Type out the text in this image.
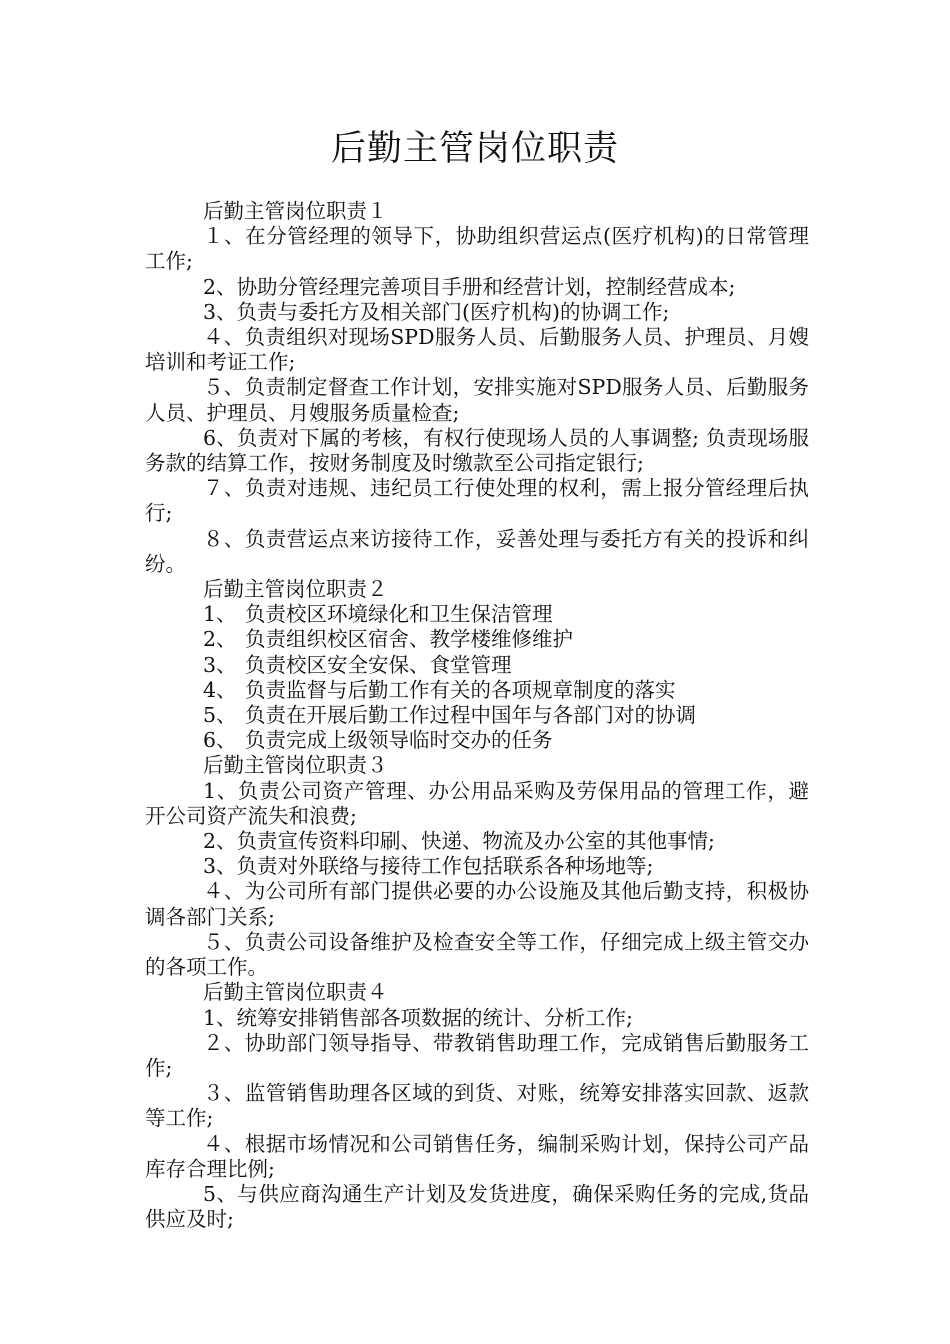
后勤主管岗位职责

后勤主管岗位职责１

１、在分管经理的领导下，协助组织营运点(医疗机构)的日常管理工作;

2、协助分管经理完善项目手册和经营计划，控制经营成本;

3、负责与委托方及相关部门(医疗机构)的协调工作;

４、负责组织对现场SPD服务人员、后勤服务人员、护理员、月嫂培训和考证工作;

５、负责制定督查工作计划，安排实施对SPD服务人员、后勤服务人员、护理员、月嫂服务质量检查;

6、负责对下属的考核，有权行使现场人员的人事调整; 负责现场服务款的结算工作，按财务制度及时缴款至公司指定银行;

７、负责对违规、违纪员工行使处理的权利，需上报分管经理后执行;

８、负责营运点来访接待工作，妥善处理与委托方有关的投诉和纠纷。

后勤主管岗位职责２

1、 负责校区环境绿化和卫生保洁管理

2、 负责组织校区宿舍、教学楼维修维护

3、 负责校区安全安保、食堂管理

4、 负责监督与后勤工作有关的各项规章制度的落实

5、 负责在开展后勤工作过程中国年与各部门对的协调

6、 负责完成上级领导临时交办的任务

后勤主管岗位职责３

1、负责公司资产管理、办公用品采购及劳保用品的管理工作，避开公司资产流失和浪费;

2、负责宣传资料印刷、快递、物流及办公室的其他事情;

3、负责对外联络与接待工作包括联系各种场地等;

４、为公司所有部门提供必要的办公设施及其他后勤支持，积极协调各部门关系;

５、负责公司设备维护及检查安全等工作，仔细完成上级主管交办的各项工作。

后勤主管岗位职责４

1、统筹安排销售部各项数据的统计、分析工作;

２、协助部门领导指导、带教销售助理工作，完成销售后勤服务工作;

３、监管销售助理各区域的到货、对账，统筹安排落实回款、返款等工作;

４、根据市场情况和公司销售任务，编制采购计划，保持公司产品库存合理比例;

5、与供应商沟通生产计划及发货进度，确保采购任务的完成,货品供应及时;
